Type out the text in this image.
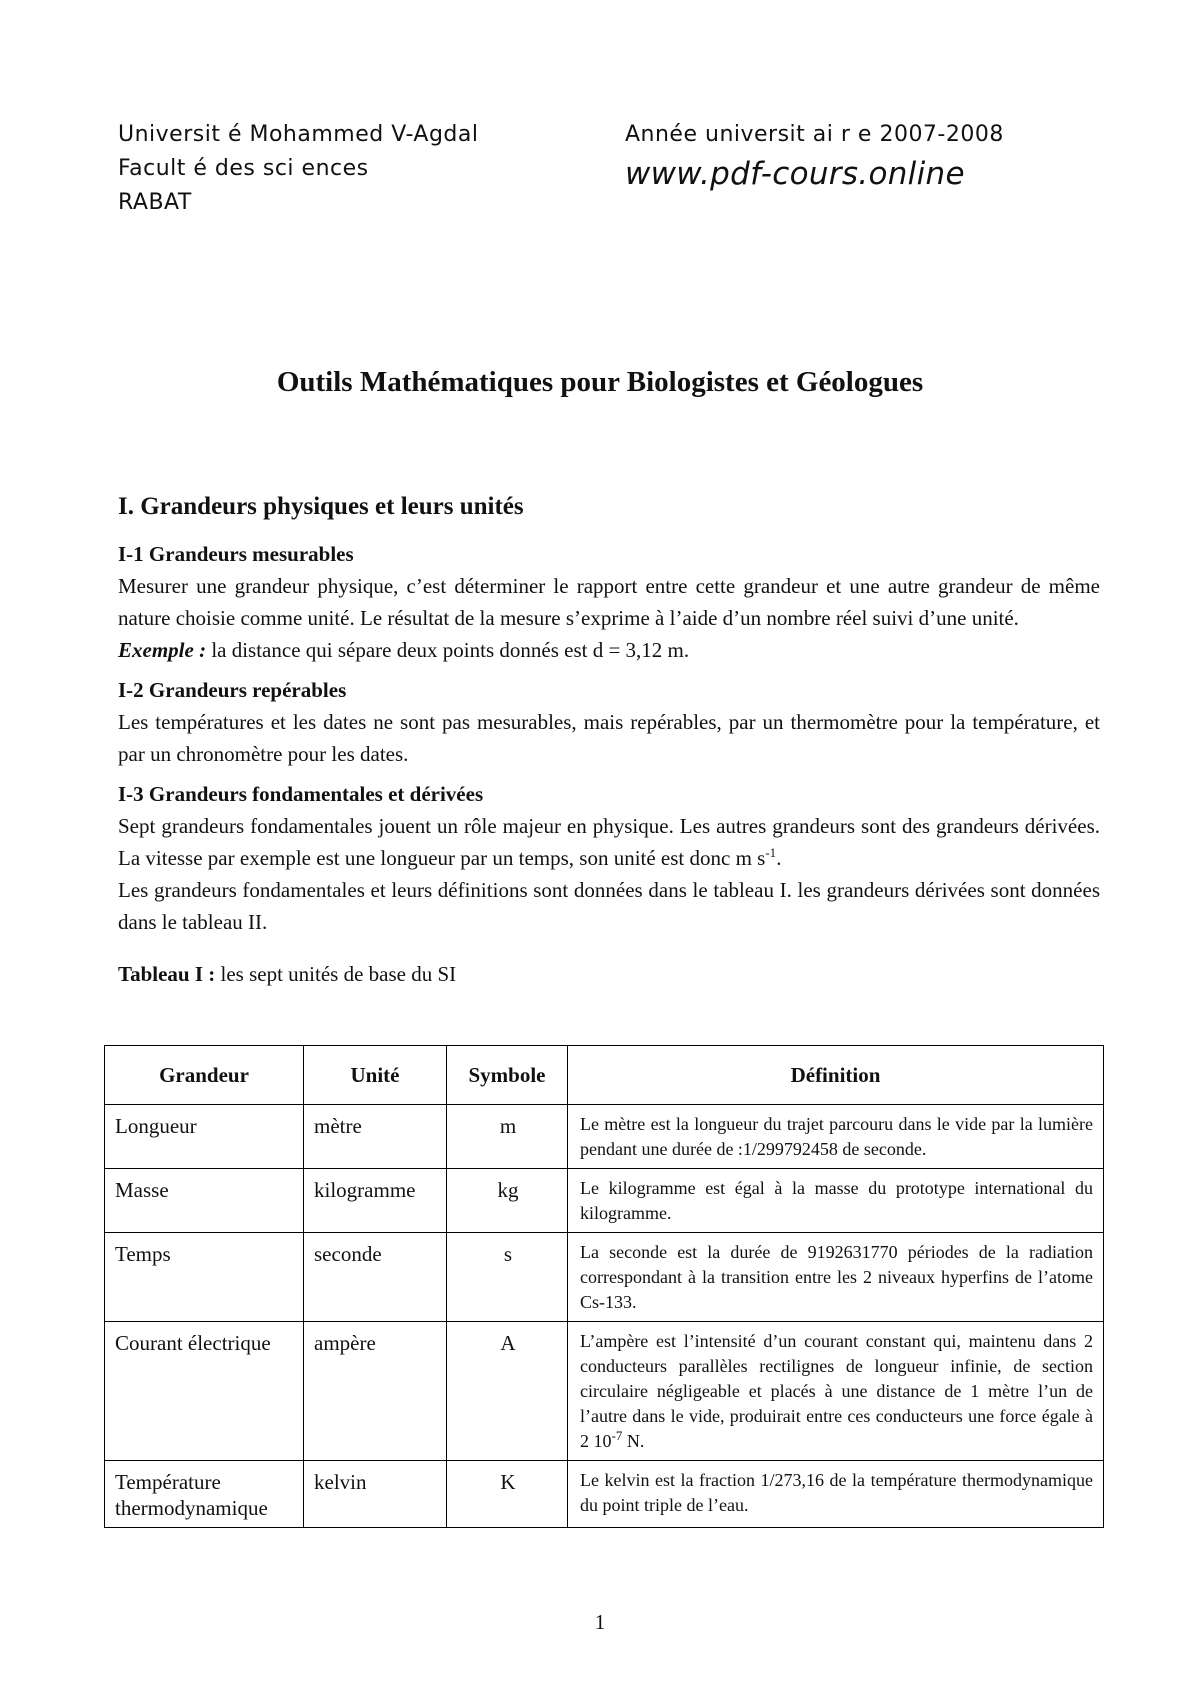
Universit é Mohammed V-Agdal
Facult é des sci ences
RABAT
Année universit ai r e 2007-2008
www.pdf-cours.online
Outils Mathématiques pour Biologistes et Géologues
I. Grandeurs physiques et leurs unités
I-1 Grandeurs mesurables

Mesurer une grandeur physique, c’est déterminer le rapport entre cette grandeur et une autre grandeur de même nature choisie comme unité. Le résultat de la mesure s’exprime à l’aide d’un nombre réel suivi d’une unité.

Exemple : la distance qui sépare deux points donnés est d = 3,12 m.

I-2 Grandeurs repérables

Les températures et les dates ne sont pas mesurables, mais repérables, par un thermomètre pour la température, et par un chronomètre pour les dates.

I-3 Grandeurs fondamentales et dérivées

Sept grandeurs fondamentales jouent un rôle majeur en physique. Les autres grandeurs sont des grandeurs dérivées. La vitesse par exemple est une longueur par un temps, son unité est donc m $s^{-1}$.

Les grandeurs fondamentales et leurs définitions sont données dans le tableau I. les grandeurs dérivées sont données dans le tableau II.

Tableau I : les sept unités de base du SI
Grandeur	Unité	Symbole	Définition
Longueur	mètre	m	Le mètre est la longueur du trajet parcouru dans le vide par la lumière pendant une durée de :1/299792458 de seconde.
Masse	kilogramme	kg	Le kilogramme est égal à la masse du prototype international du kilogramme.
Temps	seconde	s	La seconde est la durée de 9192631770 périodes de la radiation correspondant à la transition entre les 2 niveaux hyperfins de l’atome Cs-133.
Courant électrique	ampère	A	L’ampère est l’intensité d’un courant constant qui, maintenu dans 2 conducteurs parallèles rectilignes de longueur infinie, de section circulaire négligeable et placés à une distance de 1 mètre l’un de l’autre dans le vide, produirait entre ces conducteurs une force égale à 2 $10^{-7}$ N.

Température
thermodynamique	kelvin	K	Le kelvin est la fraction 1/273,16 de la température thermodynamique du point triple de l’eau.
1
